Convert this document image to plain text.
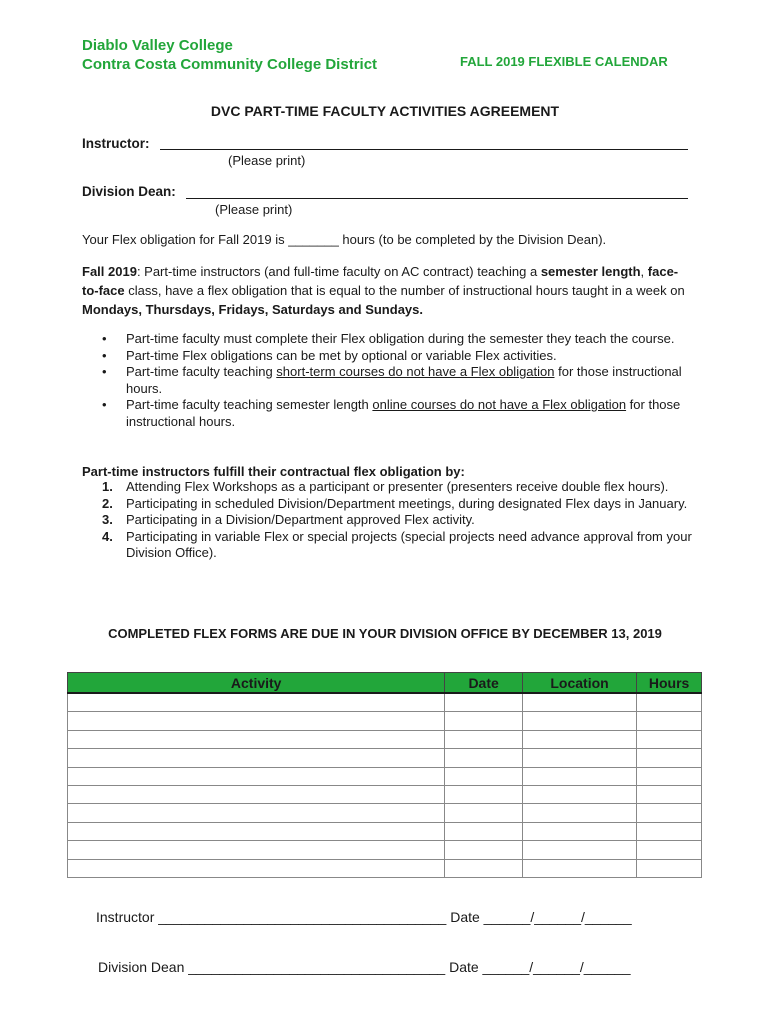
Diablo Valley College
Contra Costa Community College District	FALL 2019 FLEXIBLE CALENDAR
DVC PART-TIME FACULTY ACTIVITIES AGREEMENT
Instructor:
(Please print)
Division Dean:
(Please print)
Your Flex obligation for Fall 2019 is _______ hours (to be completed by the Division Dean).
Fall 2019: Part-time instructors (and full-time faculty on AC contract) teaching a semester length, face-to-face class, have a flex obligation that is equal to the number of instructional hours taught in a week on Mondays, Thursdays, Fridays, Saturdays and Sundays.
• Part-time faculty must complete their Flex obligation during the semester they teach the course.
• Part-time Flex obligations can be met by optional or variable Flex activities.
• Part-time faculty teaching short-term courses do not have a Flex obligation for those instructional hours.
• Part-time faculty teaching semester length online courses do not have a Flex obligation for those instructional hours.
Part-time instructors fulfill their contractual flex obligation by:
1. Attending Flex Workshops as a participant or presenter (presenters receive double flex hours).
2. Participating in scheduled Division/Department meetings, during designated Flex days in January.
3. Participating in a Division/Department approved Flex activity.
4. Participating in variable Flex or special projects (special projects need advance approval from your Division Office).
COMPLETED FLEX FORMS ARE DUE IN YOUR DIVISION OFFICE BY DECEMBER 13, 2019
Activity	Date	Location	Hours

Instructor _____________________________________ Date ______/______/______
Division Dean _________________________________ Date ______/______/______
